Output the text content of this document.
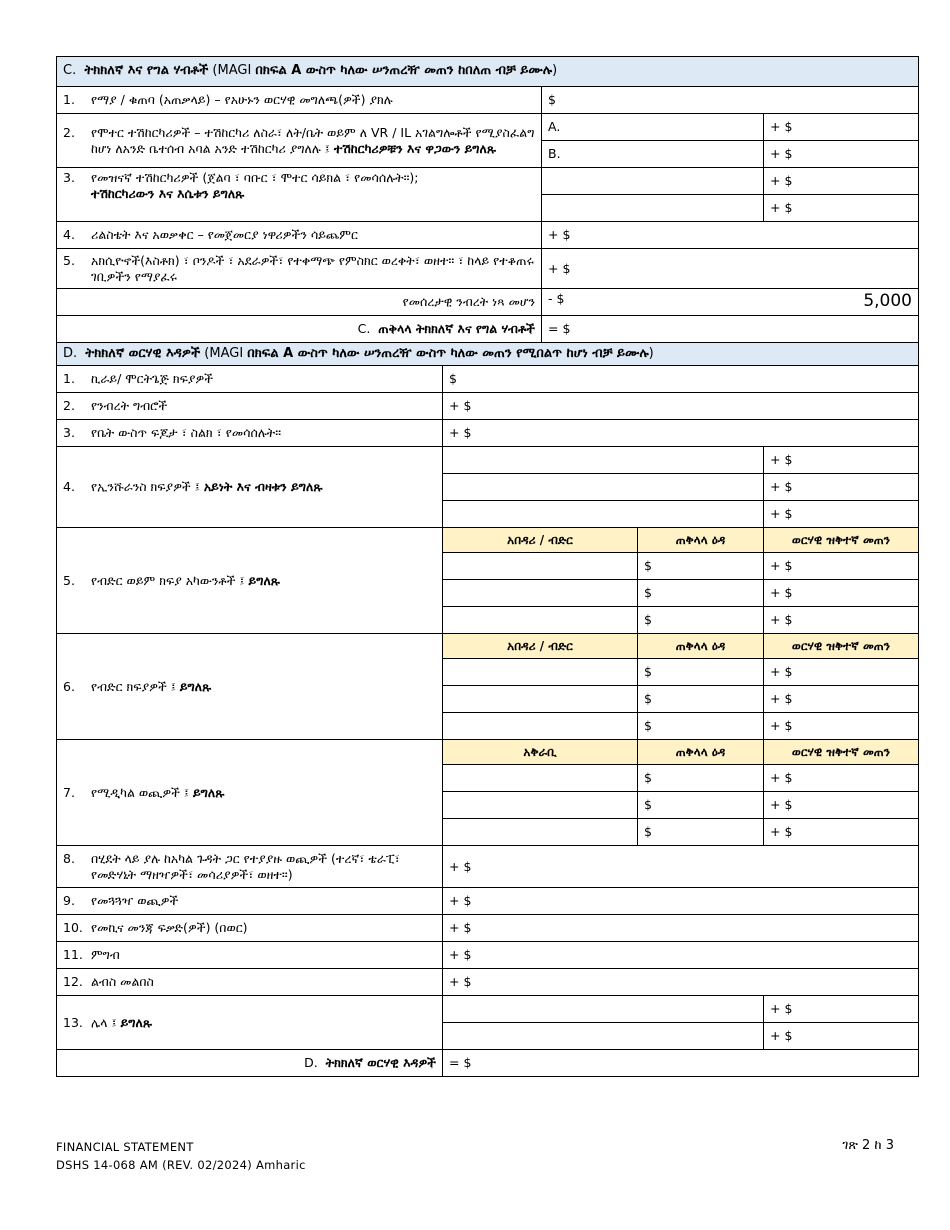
C. ትክክለኛ እና የግል ሃብቶች (MAGI በክፍል A ውስጥ ካለው ሠንጠረዥ መጠን ከበለጠ ብቻ ይሙሉ)
1. የማያ / ቁጠባ (አጠቃላይ) – የአሁኑን ወርሃዊ መግለጫ(ዎች) ያክሉ	$
2. የሞተር ተሽከርካሪዎች – ተሽከርካሪ ለስራ፣ ለት/ቤት ወይም ለ VR / IL አገልግሎቶች የሚያስፈልግ ከሆነ ለአንድ ቤተሰብ አባል አንድ ተሽከርካሪ ያግለሉ ፤ ተሽከርካሪዎቹን እና ዋጋውን ይግለጹ	A.	+ $
	B.	+ $

3. የመዝናኛ ተሽከርካሪዎች (ጀልባ ፣ ባቡር ፣ ሞተር ሳይክል ፣ የመሳሰሉት።);
ተሽከርካሪውን እና እሴቱን ይግለጹ		+ $
		+ $
4. ሪልስቴት እና አወቃቀር – የመጀመርያ ነዋሪዎችን ሳይጨምር	+ $	

5. አክሲዮኖች(እስቶክ) ፣ ቦንዶች ፣ አደራዎች፣ የተቀማጭ የምስክር ወረቀት፣ ወዘተ። ፣ ከላይ የተቆጠሩ ገቢዎችን የማያፈሩ	+ $	
የመሰረታዊ ንብረት ነጻ መሆን	- $ 5,000	

C. ጠቅላላ ትክክለኛ እና የግል ሃብቶች	= $	
D. ትክክለኛ ወርሃዊ እዳዎች (MAGI በክፍል A ውስጥ ካለው ሠንጠረዥ ውስጥ ካለው መጠን የሚበልጥ ከሆነ ብቻ ይሙሉ)			
1. ኪራይ/ ሞርትጌጅ ክፍያዎች	$		
2. የንብረት ግብሮች	+ $		
3. የቤት ውስጥ ፍጆታ ፣ ስልክ ፣ የመሳሰሉት።	+ $		
4. የኢንሹራንስ ክፍያዎች ፤ አይነት እና ብዛቱን ይግለጹ			+ $
			+ $
			+ $
5. የብድር ወይም ክፍያ አካውንቶች ፤ ይግለጹ	አበዳሪ / ብድር	ጠቅላላ ዕዳ	ወርሃዊ ዝቅተኛ መጠን
		$	+ $
		$	+ $
		$	+ $
6. የብድር ክፍያዎች ፤ ይግለጹ	አበዳሪ / ብድር	ጠቅላላ ዕዳ	ወርሃዊ ዝቅተኛ መጠን
		$	+ $
		$	+ $
		$	+ $
7. የሚዲካል ወጪዎች ፤ ይግለጹ	አቅራቢ	ጠቅላላ ዕዳ	ወርሃዊ ዝቅተኛ መጠን
		$	+ $
		$	+ $
		$	+ $

8. በሂደት ላይ ያሉ ከአካል ጉዳት ጋር የተያያዙ ወጪዎች (ተረኛ፣ ቴራፒ፣ የመድሃኒት ማዘዣዎች፣ መሳሪያዎች፣ ወዘተ።)	+ $		
9. የመጓጓዣ ወጪዎች	+ $		
10. የመኪና መንጃ ፍቃድ(ዎች) (በወር)	+ $		
11. ምግብ	+ $		
12. ልብስ መልበስ	+ $		
13. ሌላ ፤ ይግለጹ			+ $
			+ $
D. ትክክለኛ ወርሃዊ እዳዎች	= $		
FINANCIAL STATEMENT
DSHS 14-068 AM (REV. 02/2024) Amharic
ገጽ 2 ከ 3
